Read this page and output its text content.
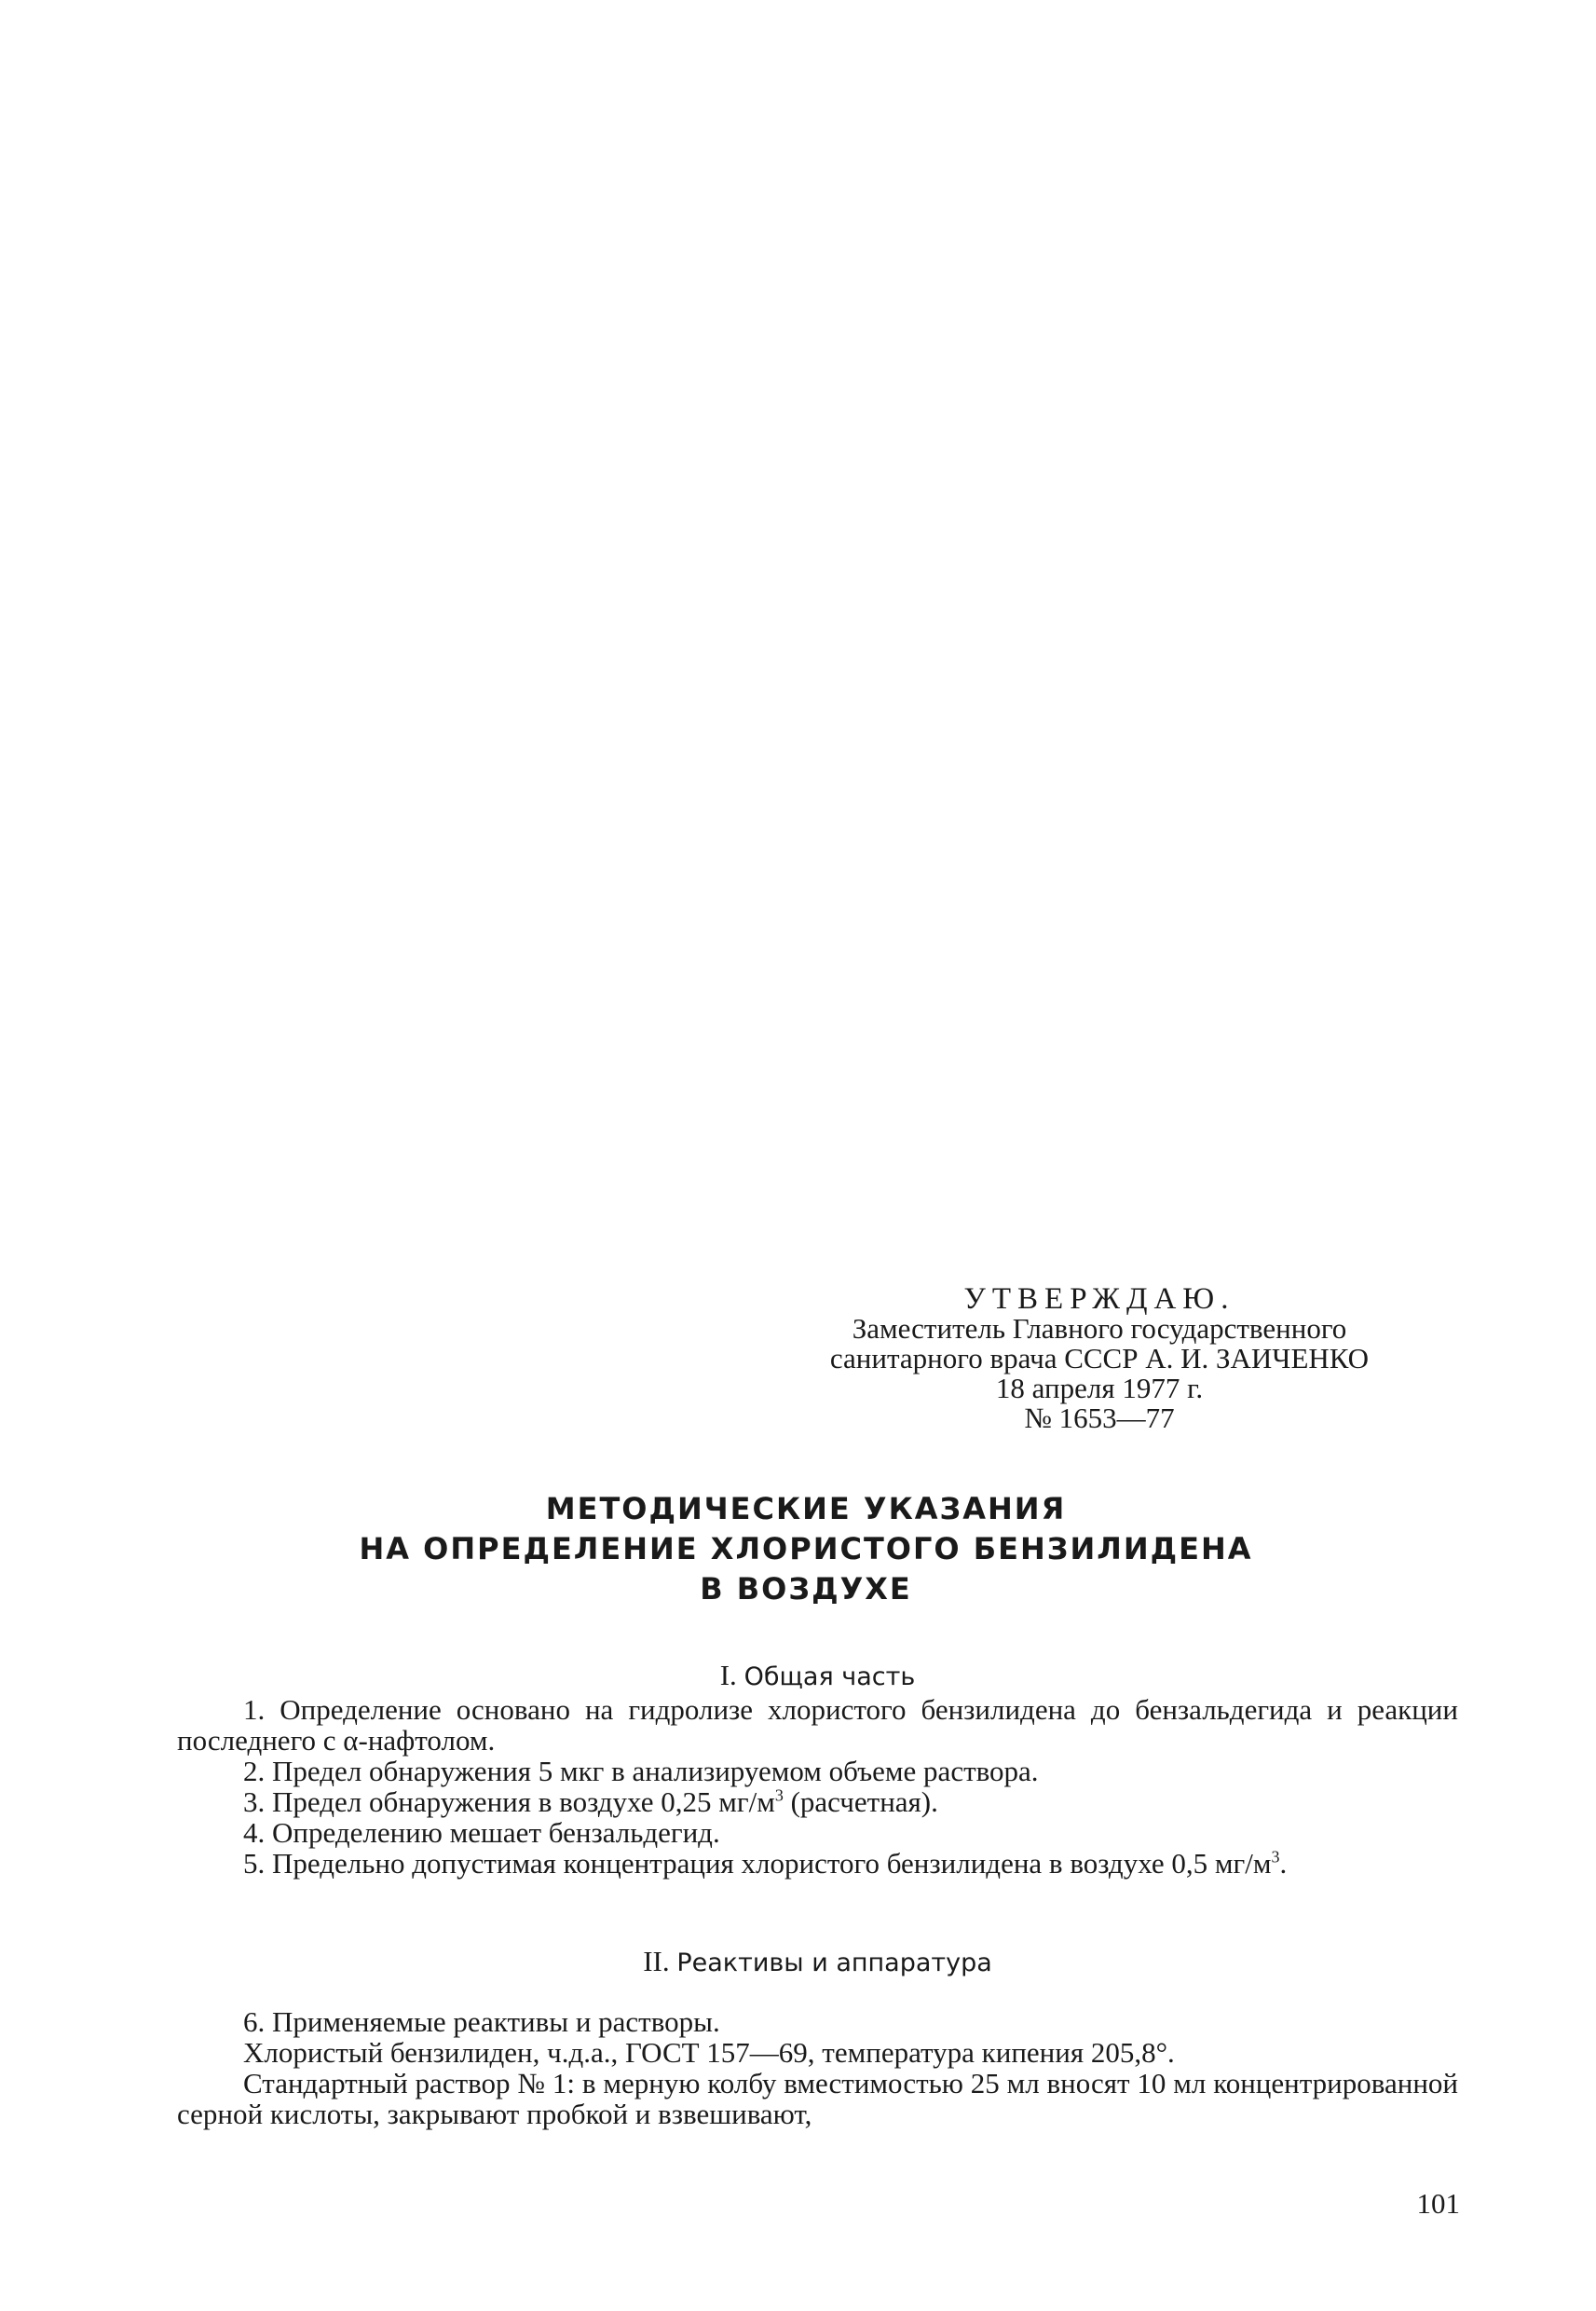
УТВЕРЖДАЮ.
Заместитель Главного государственного
санитарного врача СССР А. И. ЗАИЧЕНКО
18 апреля 1977 г.
№ 1653—77
МЕТОДИЧЕСКИЕ УКАЗАНИЯ
НА ОПРЕДЕЛЕНИЕ ХЛОРИСТОГО БЕНЗИЛИДЕНА
В ВОЗДУХЕ
I. Общая часть

1. Определение основано на гидролизе хлористого бензилидена до бензальдегида и реакции последнего с α-нафтолом.

2. Предел обнаружения 5 мкг в анализируемом объеме раствора.

3. Предел обнаружения в воздухе 0,25 $мг/м^3$ (расчетная).

4. Определению мешает бензальдегид.

5. Предельно допустимая концентрация хлористого бензилидена в воздухе 0,5 $мг/м^3$.

II. Реактивы и аппаратура

6. Применяемые реактивы и растворы.

Хлористый бензилиден, ч.д.а., ГОСТ 157—69, температура кипения 205,8°.

Стандартный раствор № 1: в мерную колбу вместимостью 25 мл вносят 10 мл концентрированной серной кислоты, закрывают пробкой и взвешивают,

101
